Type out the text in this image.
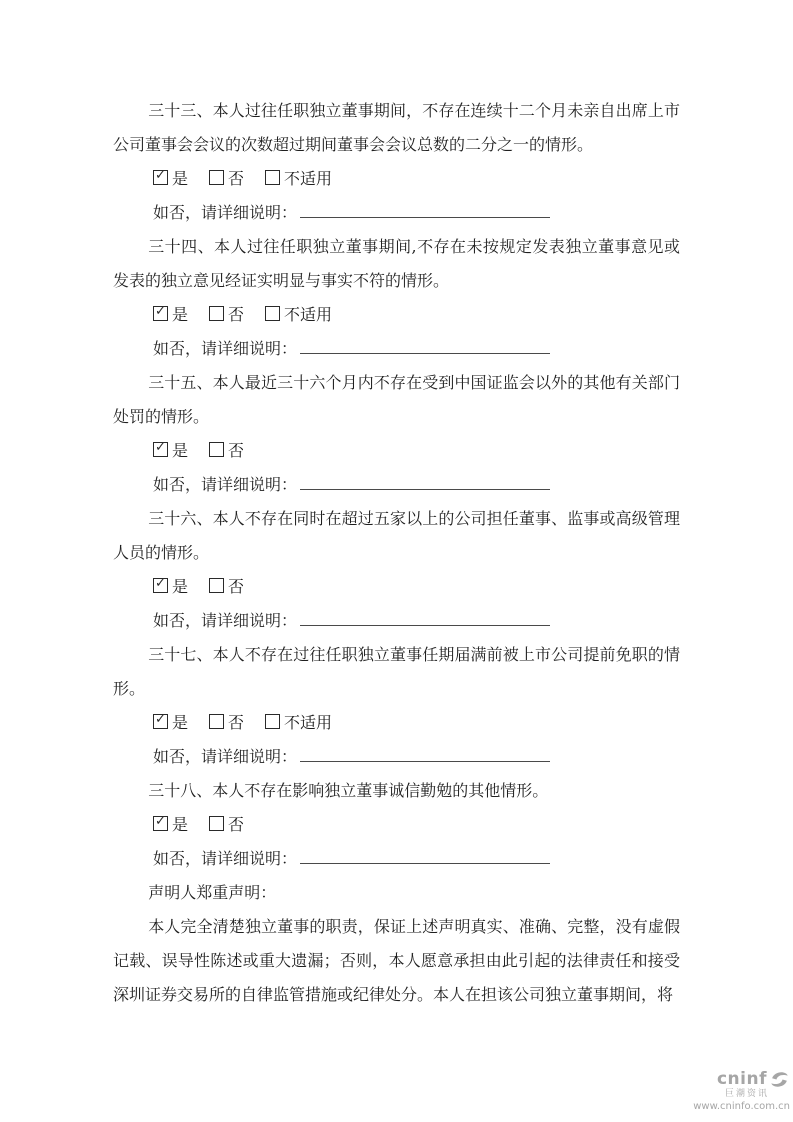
三十三、本人过往任职独立董事期间，不存在连续十二个月未亲自出席上市公司董事会会议的次数超过期间董事会会议总数的二分之一的情形。

✓ 是	否	不适用
如否，请详细说明：

三十四、本人过往任职独立董事期间,不存在未按规定发表独立董事意见或发表的独立意见经证实明显与事实不符的情形。

✓ 是	否	不适用
如否，请详细说明：

三十五、本人最近三十六个月内不存在受到中国证监会以外的其他有关部门处罚的情形。

✓ 是	否
如否，请详细说明：

三十六、本人不存在同时在超过五家以上的公司担任董事、监事或高级管理人员的情形。

✓ 是	否
如否，请详细说明：

三十七、本人不存在过往任职独立董事任期届满前被上市公司提前免职的情形。

✓ 是	否	不适用
如否，请详细说明：

三十八、本人不存在影响独立董事诚信勤勉的其他情形。

✓ 是	否
如否，请详细说明：

声明人郑重声明：

本人完全清楚独立董事的职责，保证上述声明真实、准确、完整，没有虚假记载、误导性陈述或重大遗漏；否则，本人愿意承担由此引起的法律责任和接受深圳证券交易所的自律监管措施或纪律处分。本人在担该公司独立董事期间，将

cninf
巨潮资讯
www.cninfo.com.cn
